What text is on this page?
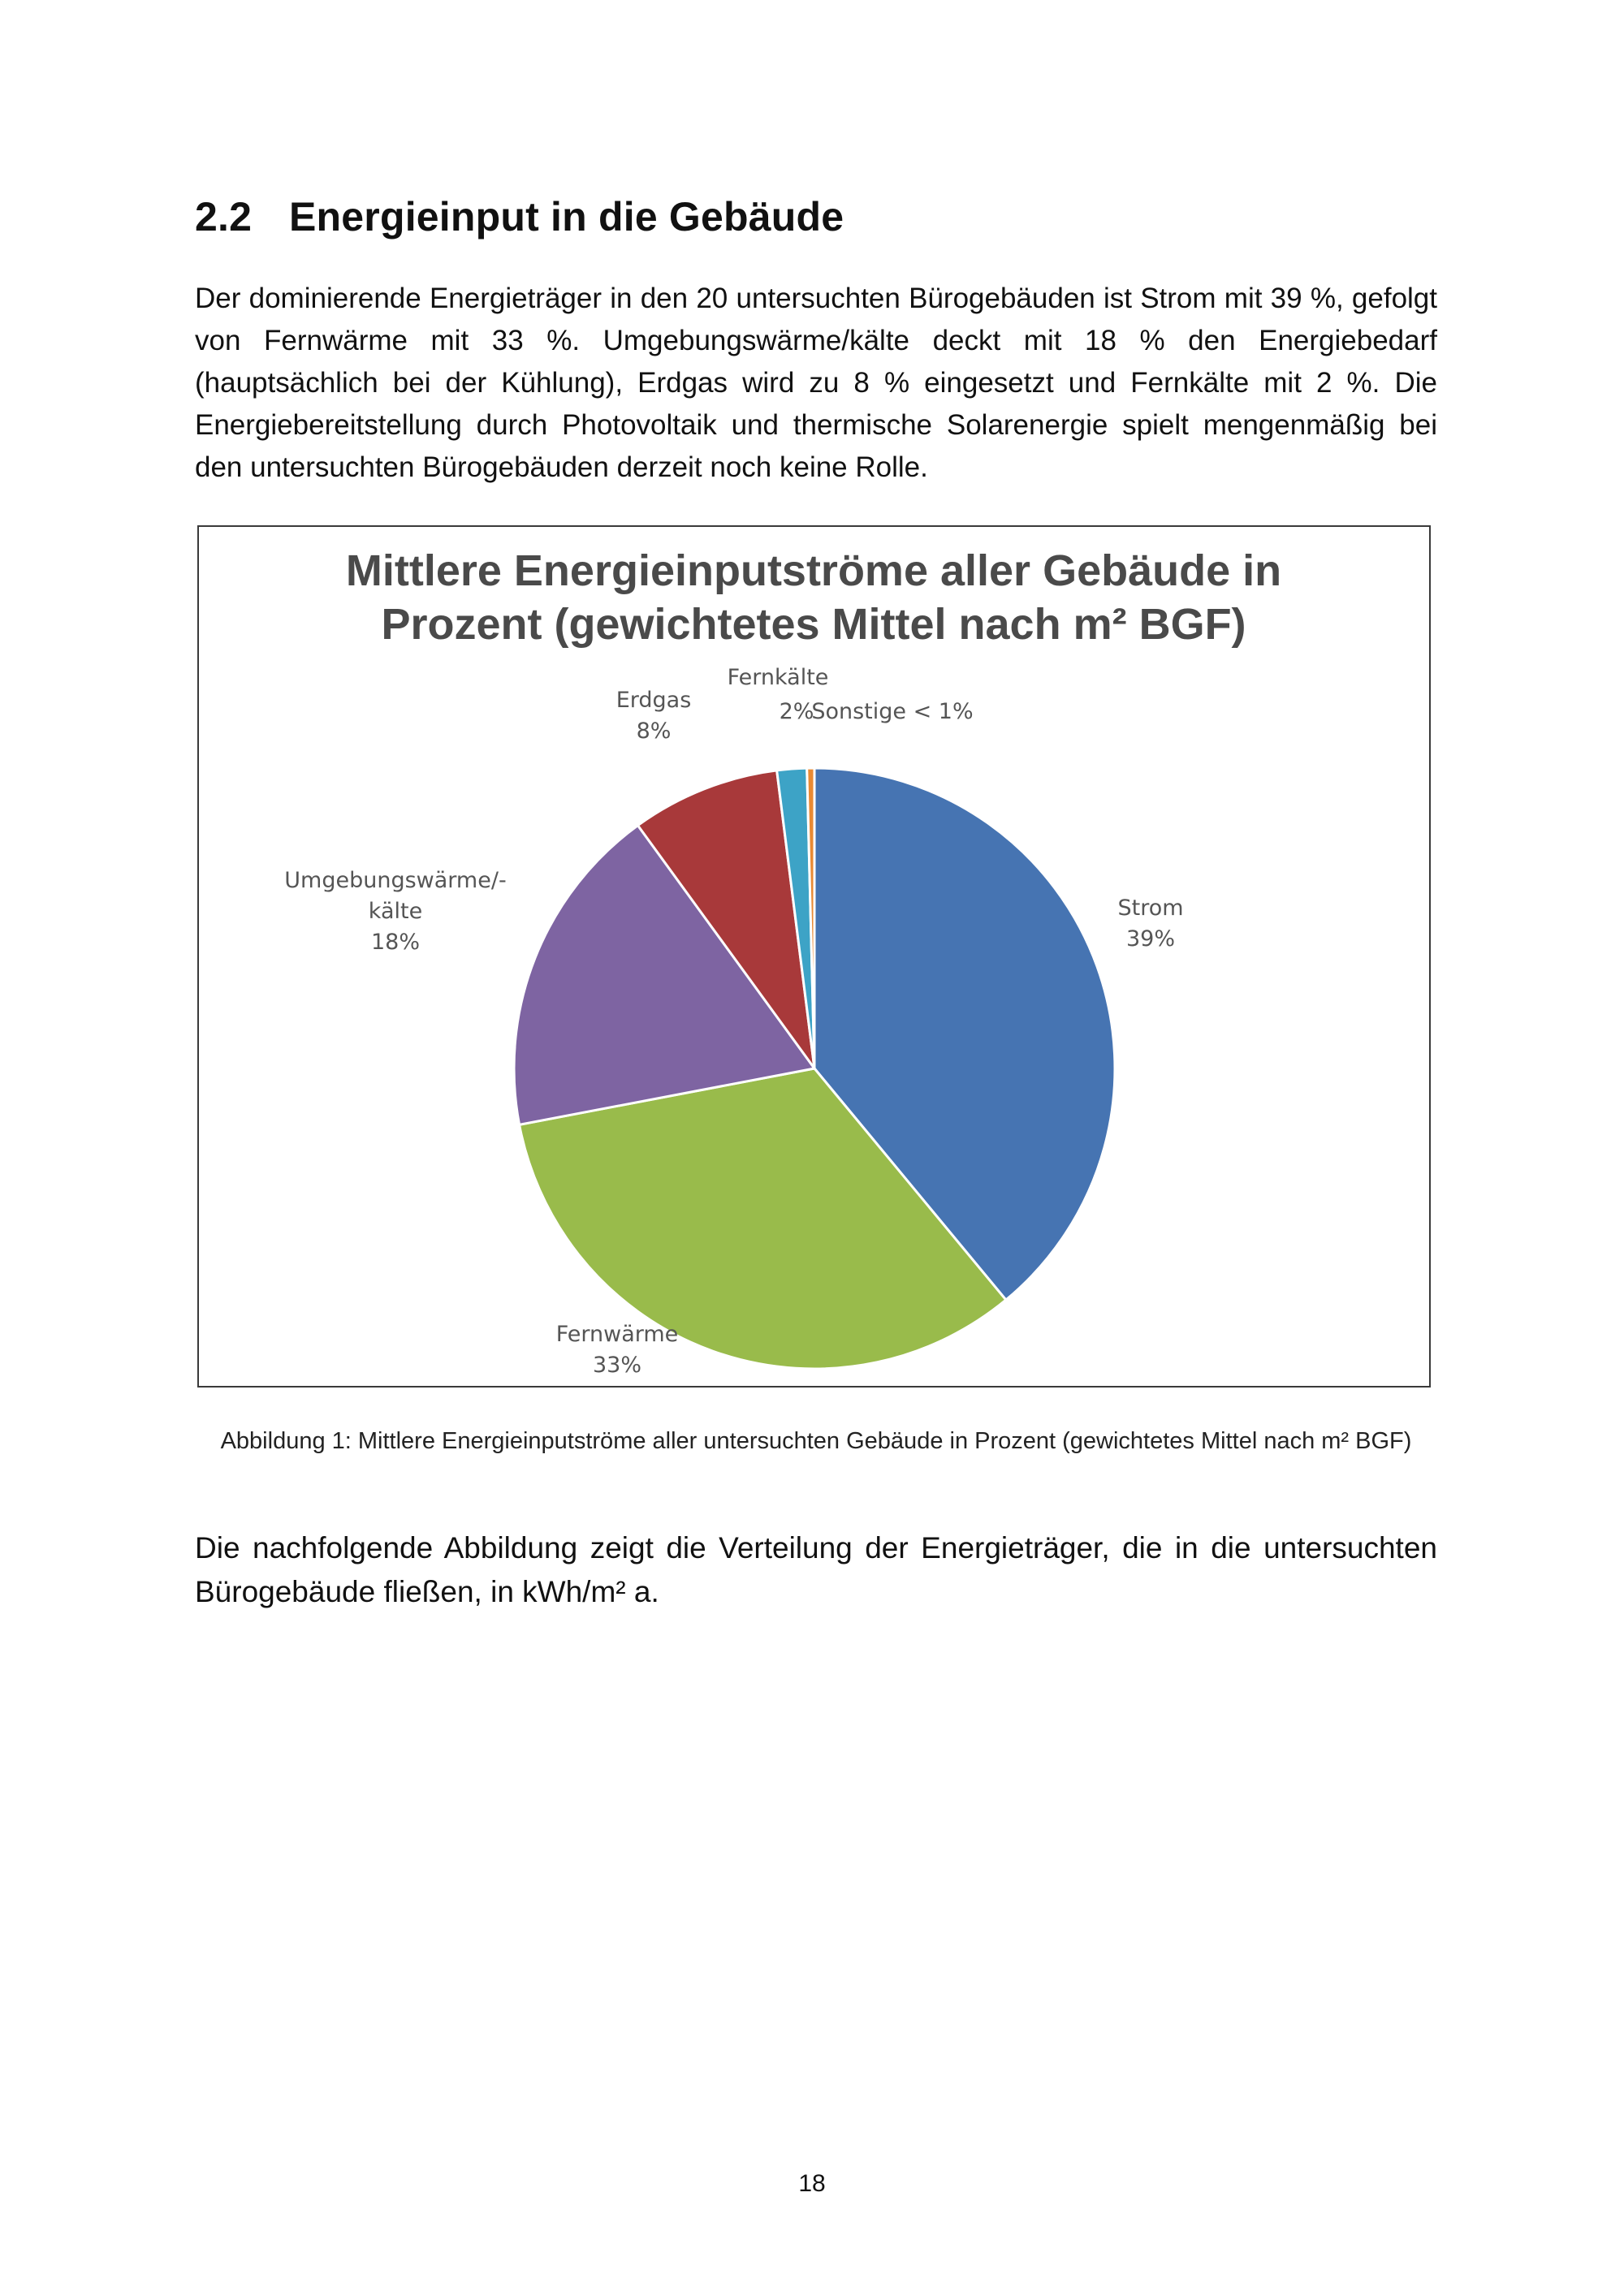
2.2 Energieinput in die Gebäude

Der dominierende Energieträger in den 20 untersuchten Bürogebäuden ist Strom mit 39 %, gefolgt von Fernwärme mit 33 %. Umgebungswärme/kälte deckt mit 18 % den Energiebedarf (hauptsächlich bei der Kühlung), Erdgas wird zu 8 % eingesetzt und Fernkälte mit 2 %. Die Energiebereitstellung durch Photovoltaik und thermische Solarenergie spielt mengenmäßig bei den untersuchten Bürogebäuden derzeit noch keine Rolle.

Mittlere Energieinputströme aller Gebäude in
Prozent (gewichtetes Mittel nach m² BGF)
Strom 39%
Fernwärme 33%
Umgebungswärme/-kälte 18%
Erdgas 8%
Fernkälte 2%
Sonstige < 1%

Abbildung 1: Mittlere Energieinputströme aller untersuchten Gebäude in Prozent (gewichtetes Mittel nach m² BGF)

Die nachfolgende Abbildung zeigt die Verteilung der Energieträger, die in die untersuchten Bürogebäude fließen, in kWh/m² a.

18
